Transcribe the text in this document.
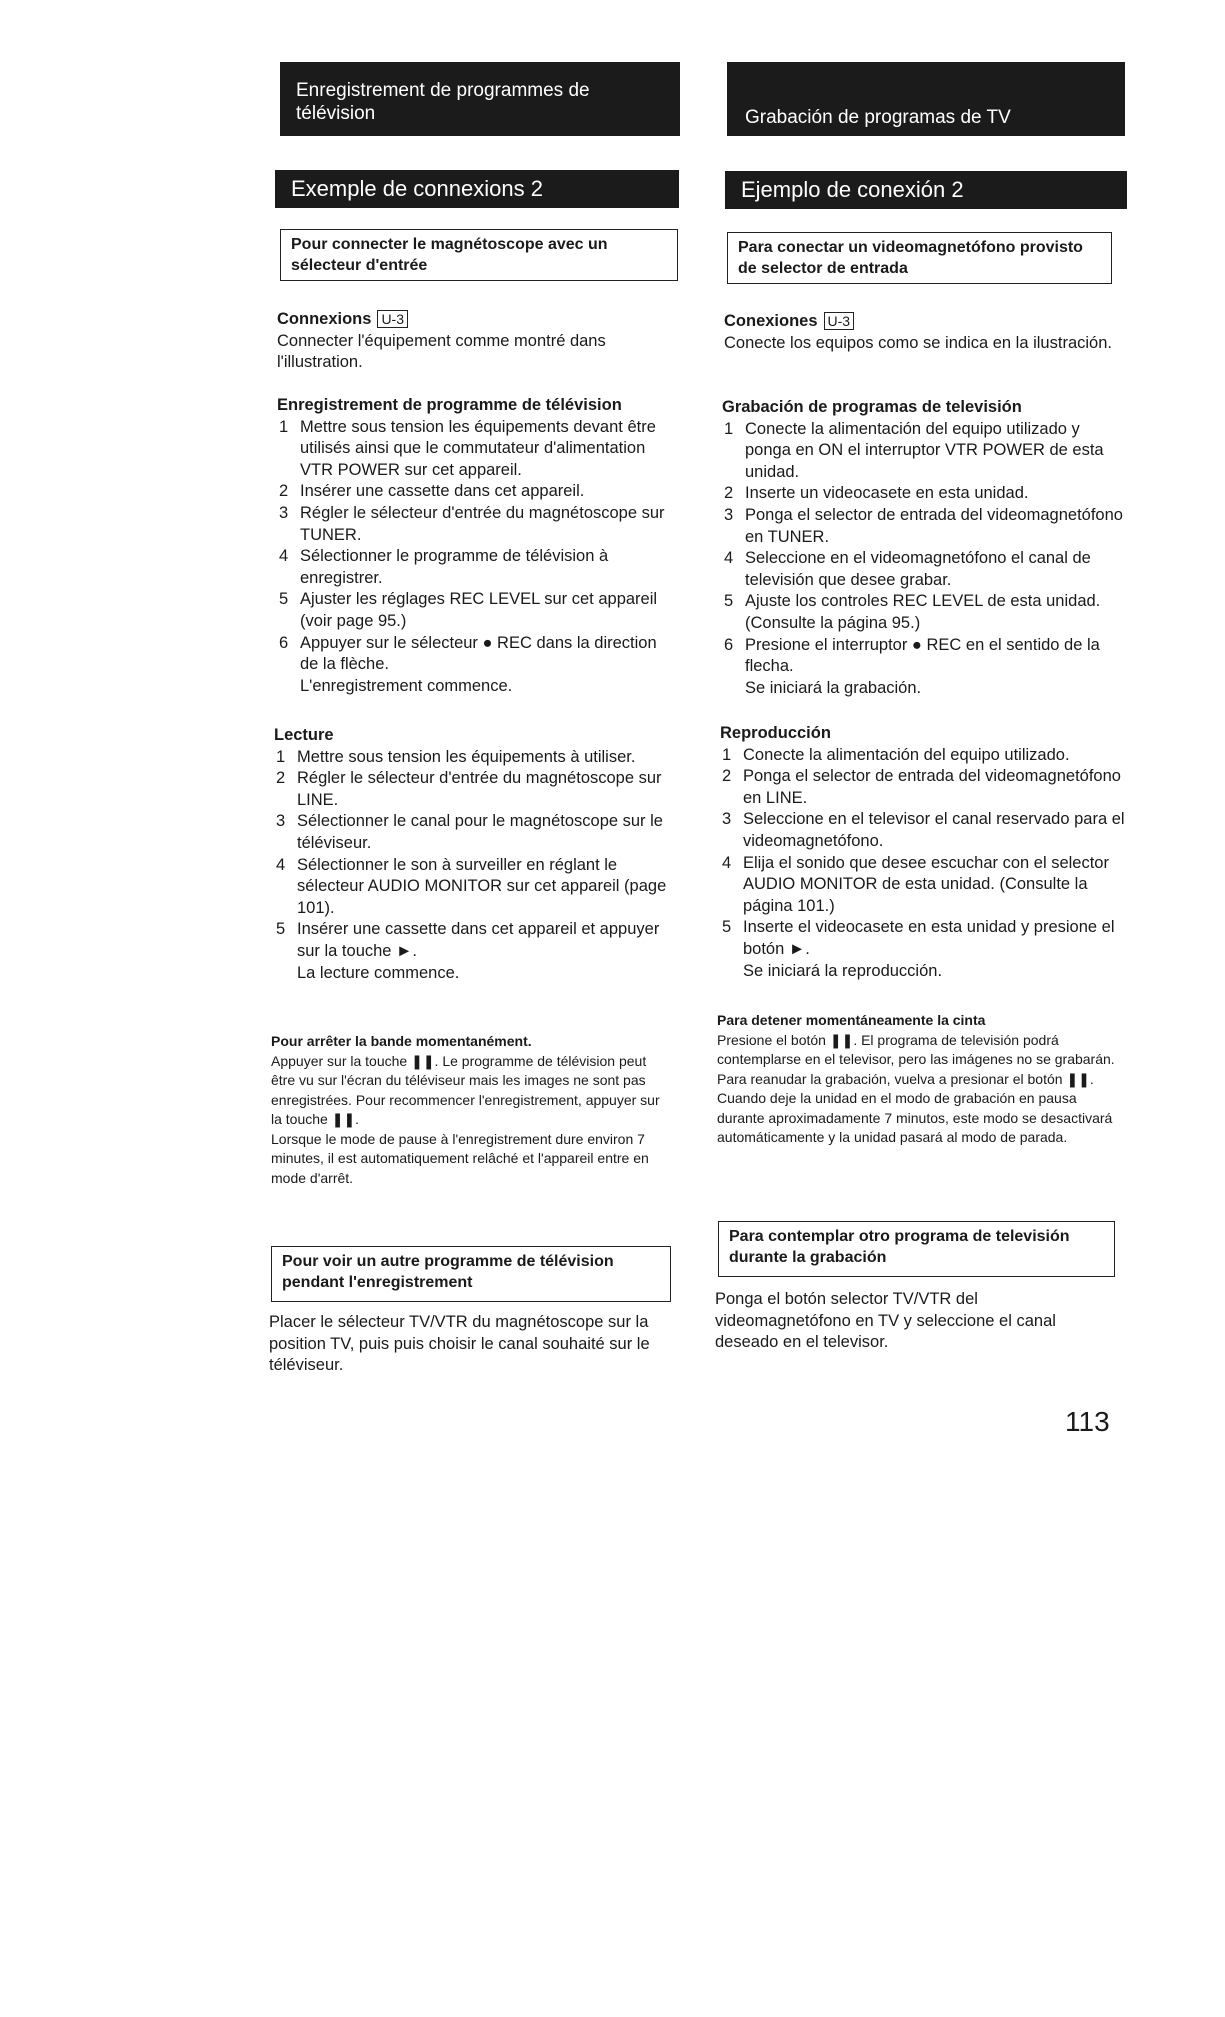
Enregistrement de programmes de
télévision
Exemple de connexions 2
Pour connecter le magnétoscope avec un
sélecteur d'entrée
Connexions U-3

Connecter l'équipement comme montré dans l'illustration.

Enregistrement de programme de télévision
1 Mettre sous tension les équipements devant être utilisés ainsi que le commutateur d'alimentation VTR POWER sur cet appareil.
2 Insérer une cassette dans cet appareil.
3 Régler le sélecteur d'entrée du magnétoscope sur TUNER.
4 Sélectionner le programme de télévision à enregistrer.
5 Ajuster les réglages REC LEVEL sur cet appareil (voir page 95.)
6 Appuyer sur le sélecteur ● REC dans la direction de la flèche.
L'enregistrement commence.
Lecture
1 Mettre sous tension les équipements à utiliser.
2 Régler le sélecteur d'entrée du magnétoscope sur LINE.
3 Sélectionner le canal pour le magnétoscope sur le téléviseur.
4 Sélectionner le son à surveiller en réglant le sélecteur AUDIO MONITOR sur cet appareil (page 101).
5 Insérer une cassette dans cet appareil et appuyer sur la touche ►.
La lecture commence.
Pour arrêter la bande momentanément.

Appuyer sur la touche ❚❚. Le programme de télévision peut être vu sur l'écran du téléviseur mais les images ne sont pas enregistrées. Pour recommencer l'enregistrement, appuyer sur la touche ❚❚.

Lorsque le mode de pause à l'enregistrement dure environ 7 minutes, il est automatiquement relâché et l'appareil entre en mode d'arrêt.

Pour voir un autre programme de télévision
pendant l'enregistrement
Placer le sélecteur TV/VTR du magnétoscope sur la position TV, puis puis choisir le canal souhaité sur le téléviseur.
Grabación de programas de TV
Ejemplo de conexión 2
Para conectar un videomagnetófono provisto
de selector de entrada
Conexiones U-3

Conecte los equipos como se indica en la ilustración.

Grabación de programas de televisión
1 Conecte la alimentación del equipo utilizado y ponga en ON el interruptor VTR POWER de esta unidad.
2 Inserte un videocasete en esta unidad.
3 Ponga el selector de entrada del videomagnetófono en TUNER.
4 Seleccione en el videomagnetófono el canal de televisión que desee grabar.
5 Ajuste los controles REC LEVEL de esta unidad. (Consulte la página 95.)
6 Presione el interruptor ● REC en el sentido de la flecha.
Se iniciará la grabación.
Reproducción
1 Conecte la alimentación del equipo utilizado.
2 Ponga el selector de entrada del videomagnetófono en LINE.
3 Seleccione en el televisor el canal reservado para el videomagnetófono.
4 Elija el sonido que desee escuchar con el selector AUDIO MONITOR de esta unidad. (Consulte la página 101.)
5 Inserte el videocasete en esta unidad y presione el botón ►.
Se iniciará la reproducción.
Para detener momentáneamente la cinta

Presione el botón ❚❚. El programa de televisión podrá contemplarse en el televisor, pero las imágenes no se grabarán. Para reanudar la grabación, vuelva a presionar el botón ❚❚.

Cuando deje la unidad en el modo de grabación en pausa durante aproximadamente 7 minutos, este modo se desactivará automáticamente y la unidad pasará al modo de parada.

Para contemplar otro programa de televisión
durante la grabación
Ponga el botón selector TV/VTR del videomagnetófono en TV y seleccione el canal deseado en el televisor.
113
